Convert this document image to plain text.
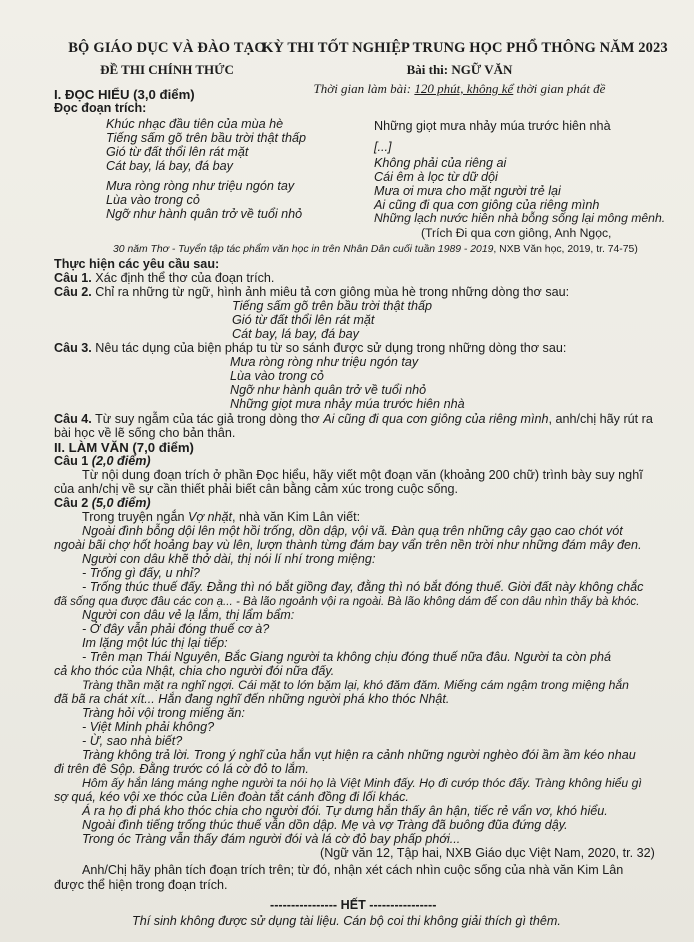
BỘ GIÁO DỤC VÀ ĐÀO TẠO
ĐỀ THI CHÍNH THỨC
KỲ THI TỐT NGHIỆP TRUNG HỌC PHỔ THÔNG NĂM 2023
Bài thi: NGỮ VĂN
Thời gian làm bài: 120 phút, không kể thời gian phát đề
I. ĐỌC HIỂU (3,0 điểm)
Đọc đoạn trích:
Khúc nhạc đầu tiên của mùa hè
Tiếng sấm gõ trên bầu trời thật thấp
Gió từ đất thổi lên rát mặt
Cát bay, lá bay, đá bay
Mưa ròng ròng như triệu ngón tay
Lùa vào trong cỏ
Ngỡ như hành quân trở về tuổi nhỏ
Những giọt mưa nhảy múa trước hiên nhà
[...]
Không phải của riêng ai
Cái êm à lọc từ dữ dội
Mưa ơi mưa cho mặt người trẻ lại
Ai cũng đi qua cơn giông của riêng mình
Những lạch nước hiên nhà bỗng sống lại mông mênh.
(Trích Đi qua cơn giông, Anh Ngọc,
30 năm Thơ - Tuyển tập tác phẩm văn học in trên Nhân Dân cuối tuần 1989 - 2019, NXB Văn học, 2019, tr. 74-75)
Thực hiện các yêu cầu sau:
Câu 1. Xác định thể thơ của đoạn trích.
Câu 2. Chỉ ra những từ ngữ, hình ảnh miêu tả cơn giông mùa hè trong những dòng thơ sau:
Tiếng sấm gõ trên bầu trời thật thấp
Gió từ đất thổi lên rát mặt
Cát bay, lá bay, đá bay
Câu 3. Nêu tác dụng của biện pháp tu từ so sánh được sử dụng trong những dòng thơ sau:
Mưa ròng ròng như triệu ngón tay
Lùa vào trong cỏ
Ngỡ như hành quân trở về tuổi nhỏ
Những giọt mưa nhảy múa trước hiên nhà
Câu 4. Từ suy ngẫm của tác giả trong dòng thơ Ai cũng đi qua cơn giông của riêng mình, anh/chị hãy rút ra
bài học về lẽ sống cho bản thân.
II. LÀM VĂN (7,0 điểm)
Câu 1 (2,0 điểm)
Từ nội dung đoạn trích ở phần Đọc hiểu, hãy viết một đoạn văn (khoảng 200 chữ) trình bày suy nghĩ
của anh/chị về sự cần thiết phải biết cân bằng cảm xúc trong cuộc sống.
Câu 2 (5,0 điểm)
Trong truyện ngắn Vợ nhặt, nhà văn Kim Lân viết:
Ngoài đình bỗng dội lên một hồi trống, dồn dập, vội vã. Đàn quạ trên những cây gạo cao chót vót
ngoài bãi chợ hốt hoảng bay vù lên, lượn thành từng đám bay vẩn trên nền trời như những đám mây đen.
Người con dâu khẽ thở dài, thị nói lí nhí trong miệng:
- Trống gì đấy, u nhỉ?
- Trống thúc thuế đấy. Đằng thì nó bắt giồng đay, đằng thì nó bắt đóng thuế. Giời đất này không chắc
đã sống qua được đâu các con ạ... - Bà lão ngoảnh vội ra ngoài. Bà lão không dám để con dâu nhìn thấy bà khóc.
Người con dâu vẻ lạ lắm, thị lẩm bẩm:
- Ở đây vẫn phải đóng thuế cơ à?
Im lặng một lúc thị lại tiếp:
- Trên mạn Thái Nguyên, Bắc Giang người ta không chịu đóng thuế nữa đâu. Người ta còn phá
cả kho thóc của Nhật, chia cho người đói nữa đấy.
Tràng thần mặt ra nghĩ ngợi. Cái mặt to lớn bặm lại, khó đăm đăm. Miếng cám ngậm trong miệng hắn
đã bã ra chát xít... Hắn đang nghĩ đến những người phá kho thóc Nhật.
Tràng hỏi vội trong miếng ăn:
- Việt Minh phải không?
- Ừ, sao nhà biết?
Tràng không trả lời. Trong ý nghĩ của hắn vụt hiện ra cảnh những người nghèo đói ầm ầm kéo nhau
đi trên đê Sộp. Đằng trước có lá cờ đỏ to lắm.
Hôm ấy hắn láng máng nghe người ta nói họ là Việt Minh đấy. Họ đi cướp thóc đấy. Tràng không hiểu gì
sợ quá, kéo vội xe thóc của Liên đoàn tắt cánh đồng đi lối khác.
Á ra họ đi phá kho thóc chia cho người đói. Tự dưng hắn thấy ân hận, tiếc rẻ vẩn vơ, khó hiểu.
Ngoài đình tiếng trống thúc thuế vẫn dồn dập. Mẹ và vợ Tràng đã buông đũa đứng dậy.
Trong óc Tràng vẫn thấy đám người đói và lá cờ đỏ bay phấp phới...
(Ngữ văn 12, Tập hai, NXB Giáo dục Việt Nam, 2020, tr. 32)
Anh/Chị hãy phân tích đoạn trích trên; từ đó, nhận xét cách nhìn cuộc sống của nhà văn Kim Lân
được thể hiện trong đoạn trích.
---------------- HẾT ----------------
Thí sinh không được sử dụng tài liệu. Cán bộ coi thi không giải thích gì thêm.
